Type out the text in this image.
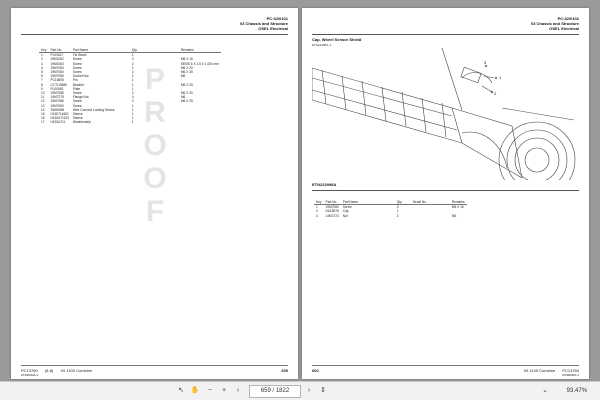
PC:32/0101
03 Chassis and Structure
OSEL Electrical
PROOF
Key	Part No.	Part Name	Qty.	Remarks
1	PL00617	Tie Stand	1	
2	19M1062	Screw	2	M6 X 16
3	19M1063	Screw	2	SEMS 6 X 1.5 X 1,000 mm
4	19M7083	Screw	1	M6 X 20
5	19M7060	Screw	2	M6 X 35
6	19M7080	Socket Nut	2	M6
7	PC16805	Pin	1	
8	CCT12M8K	Bracket	1	M6 X 25
9	PL00553	Plate	1	
10	19M7085	Screw	2	M6 X 20
11	14M7275	Flange Nut	4	M6
12	19M7086	Screw	2	M6 X 25
13	19M7060	Screw	1	
14	SWN9M9	Wire Connect Locking Device	1	
15	H150714601	Sleeve	1	
16	H152A71103	Sleeve	1	
17	H152A711	Weatherstrip	1	
PC13760 (8-8) X9 1100 Combine	659
073000MA-1
PC:32/0102
03 Chassis and Structure
OSEL Electrical
Cap, Wheel Sensor Shield
ETN22288A -1
3
1
2
ETN222998A
Key	Part No.	Part Name	Qty.	Serial No.	Remarks
1	19M7080	Screw	2		M6 X 16
2	DA18078	Cap	1		
3	14M7273	Nut	2		M6
660	X9 1100 Combine PC13760
073000MA-1
↖ ✋	−	+	‹	659 / 1822	›	⇕	⌄	93.47%
